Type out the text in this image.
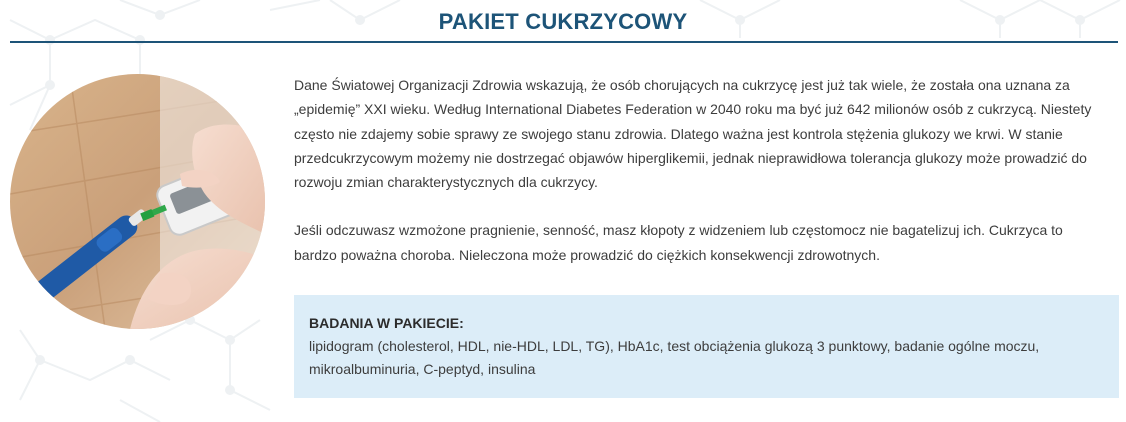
PAKIET CUKRZYCOWY

Dane Światowej Organizacji Zdrowia wskazują, że osób chorujących na cukrzycę jest już tak wiele, że została ona uznana za „epidemię” XXI wieku. Według International Diabetes Federation w 2040 roku ma być już 642 milionów osób z cukrzycą. Niestety często nie zdajemy sobie sprawy ze swojego stanu zdrowia. Dlatego ważna jest kontrola stężenia glukozy we krwi. W stanie przedcukrzycowym możemy nie dostrzegać objawów hiperglikemii, jednak nieprawidłowa tolerancja glukozy może prowadzić do rozwoju zmian charakterystycznych dla cukrzycy.

Jeśli odczuwasz wzmożone pragnienie, senność, masz kłopoty z widzeniem lub częstomocz nie bagatelizuj ich. Cukrzyca to bardzo poważna choroba. Nieleczona może prowadzić do ciężkich konsekwencji zdrowotnych.

BADANIA W PAKIECIE:
lipidogram (cholesterol, HDL, nie-HDL, LDL, TG), HbA1c, test obciążenia glukozą 3 punktowy, badanie ogólne moczu, mikroalbuminuria, C-peptyd, insulina
